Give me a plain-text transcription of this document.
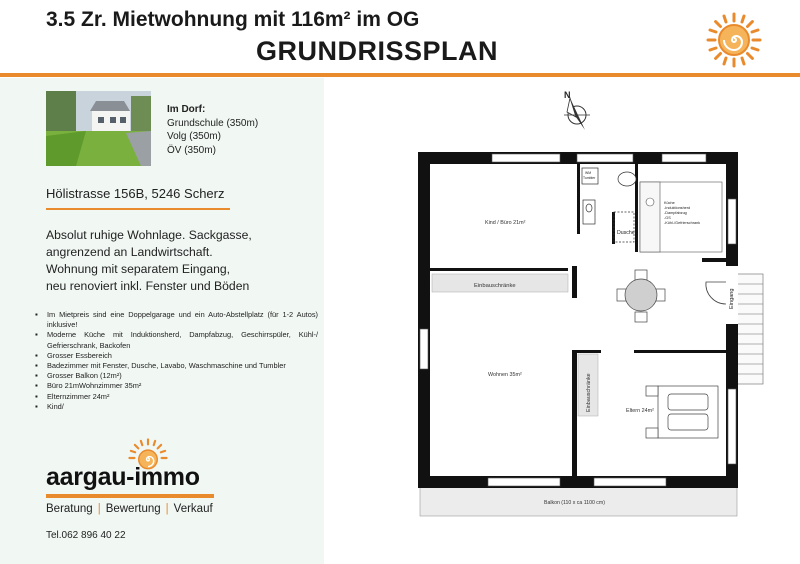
3.5 Zr. Mietwohnung mit 116m² im OG
GRUNDRISSPLAN
Im Dorf:
Grundschule (350m)
Volg (350m)
ÖV (350m)
Hölistrasse 156B, 5246 Scherz
Absolut ruhige Wohnlage. Sackgasse,
angrenzend an Landwirtschaft.
Wohnung mit separatem Eingang,
neu renoviert inkl. Fenster und Böden
▪ Im Mietpreis sind eine Doppelgarage und ein Auto-Abstellplatz (für 1-2 Autos) inklusive!
▪ Moderne Küche mit Induktionsherd, Dampfabzug, Geschirrspüler, Kühl-/ Gefrierschrank, Backofen
▪ Grosser Essbereich
▪ Badezimmer mit Fenster, Dusche, Lavabo, Waschmaschine und Tumbler
▪ Grosser Balkon (12m²)
▪ Büro 21mWohnzimmer 35m²
▪ Elternzimmer 24m²
▪ Kind/
aargau-immo
Beratung | Bewertung | Verkauf
Tel.062 896 40 22
N
Balkon (110 x ca 1100 cm)
Eingang
WM
Tumbler
Dusche
Küche
-Induktionsherd
-Dampfabzug
-GS
-Kühl-/Gefrierschrank
Einbauschränke
Einbauschränke
Kind / Büro 21m²
Wohnen 35m²
Eltern 24m²
